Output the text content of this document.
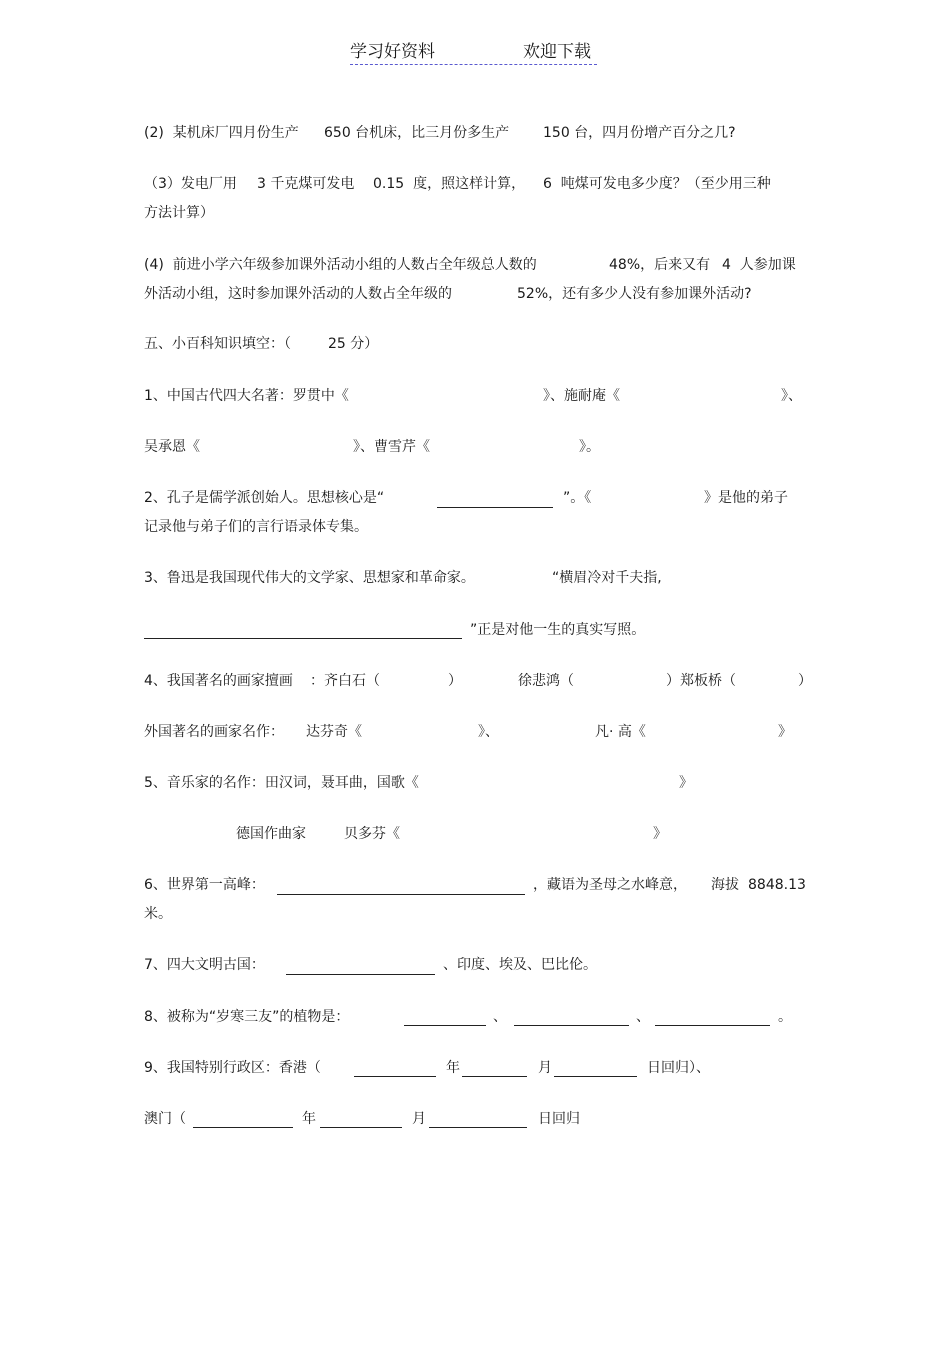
学习好资料	欢迎下载
(2)  某机床厂四月份生产 650 台机床，比三月份多生产 150 台，四月份增产百分之几?
（3）发电厂用 3 千克煤可发电 0.15  度，照这样计算， 6  吨煤可发电多少度？（至少用三种
方法计算）
(4)  前进小学六年级参加课外活动小组的人数占全年级总人数的	48%，后来又有 4  人参加课
外活动小组，这时参加课外活动的人数占全年级的	52%，还有多少人没有参加课外活动?
五、小百科知识填空：（	25 分）
1、中国古代四大名著：罗贯中《	》、施耐庵《	》、
吴承恩《	》、曹雪芹《	》。
2、孔子是儒学派创始人。思想核心是“	”。《	》是他的弟子
记录他与弟子们的言行语录体专集。
3、鲁迅是我国现代伟大的文学家、思想家和革命家。	“横眉冷对千夫指,
”正是对他一生的真实写照。
4、我国著名的画家擅画 ：齐白石（	）	徐悲鸿（	）郑板桥（	）
外国著名的画家名作： 达芬奇《	》、	凡· 高《	》
5、音乐家的名作：田汉词，聂耳曲，国歌《	》
德国作曲家	贝多芬《	》
6、世界第一高峰：	，藏语为圣母之水峰意， 海拔 8848.13
米。
7、四大文明古国：	、印度、埃及、巴比伦。
8、被称为“岁寒三友”的植物是：	、	、	。
9、我国特别行政区：香港（	年	月	日回归）、
澳门（	年	月	日回归
